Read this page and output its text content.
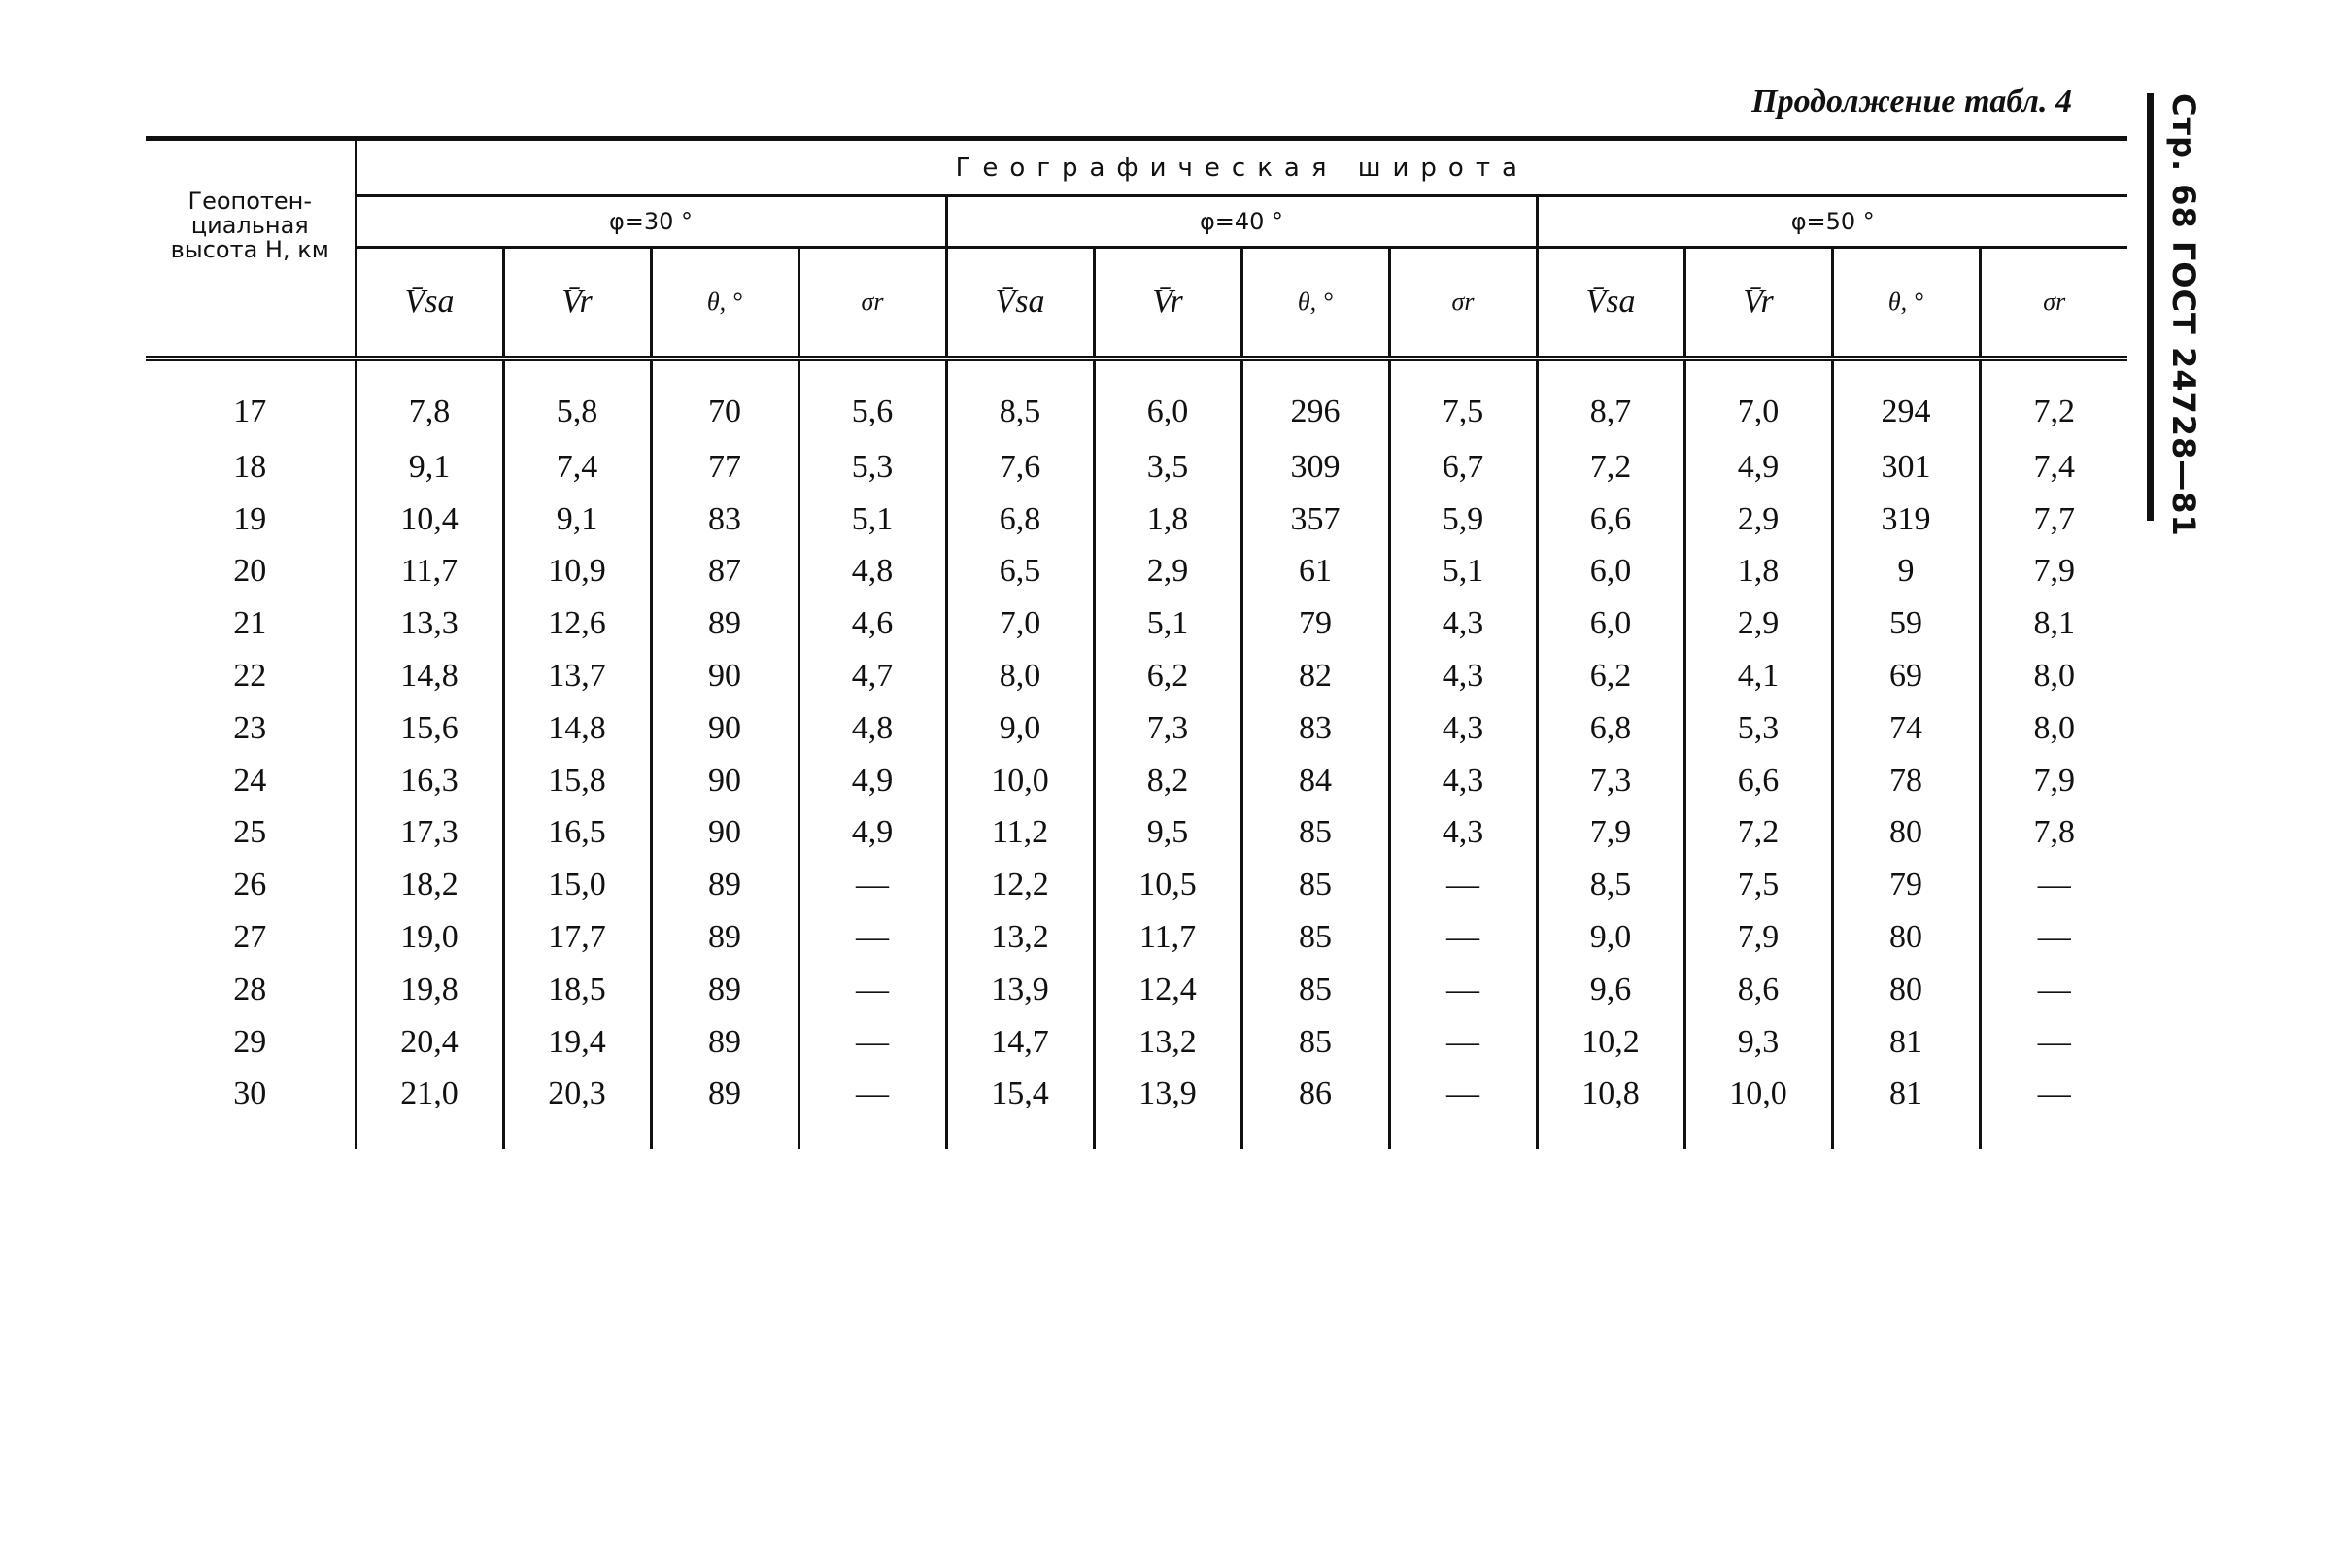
Продолжение табл. 4	Стр. 68 ГОСТ 24728—81

Геопотен-циальная высота H, км	Географическая широта											
	φ=30 °				φ=40 °				φ=50 °			
	V̄sa	V̄r	θ, °	σr	V̄sa	V̄r	θ, °	σr	V̄sa	V̄r	θ, °	σr
17	7,8	5,8	70	5,6	8,5	6,0	296	7,5	8,7	7,0	294	7,2
18	9,1	7,4	77	5,3	7,6	3,5	309	6,7	7,2	4,9	301	7,4
19	10,4	9,1	83	5,1	6,8	1,8	357	5,9	6,6	2,9	319	7,7
20	11,7	10,9	87	4,8	6,5	2,9	61	5,1	6,0	1,8	9	7,9
21	13,3	12,6	89	4,6	7,0	5,1	79	4,3	6,0	2,9	59	8,1
22	14,8	13,7	90	4,7	8,0	6,2	82	4,3	6,2	4,1	69	8,0
23	15,6	14,8	90	4,8	9,0	7,3	83	4,3	6,8	5,3	74	8,0
24	16,3	15,8	90	4,9	10,0	8,2	84	4,3	7,3	6,6	78	7,9
25	17,3	16,5	90	4,9	11,2	9,5	85	4,3	7,9	7,2	80	7,8
26	18,2	15,0	89	—	12,2	10,5	85	—	8,5	7,5	79	—
27	19,0	17,7	89	—	13,2	11,7	85	—	9,0	7,9	80	—
28	19,8	18,5	89	—	13,9	12,4	85	—	9,6	8,6	80	—
29	20,4	19,4	89	—	14,7	13,2	85	—	10,2	9,3	81	—
30	21,0	20,3	89	—	15,4	13,9	86	—	10,8	10,0	81	—
